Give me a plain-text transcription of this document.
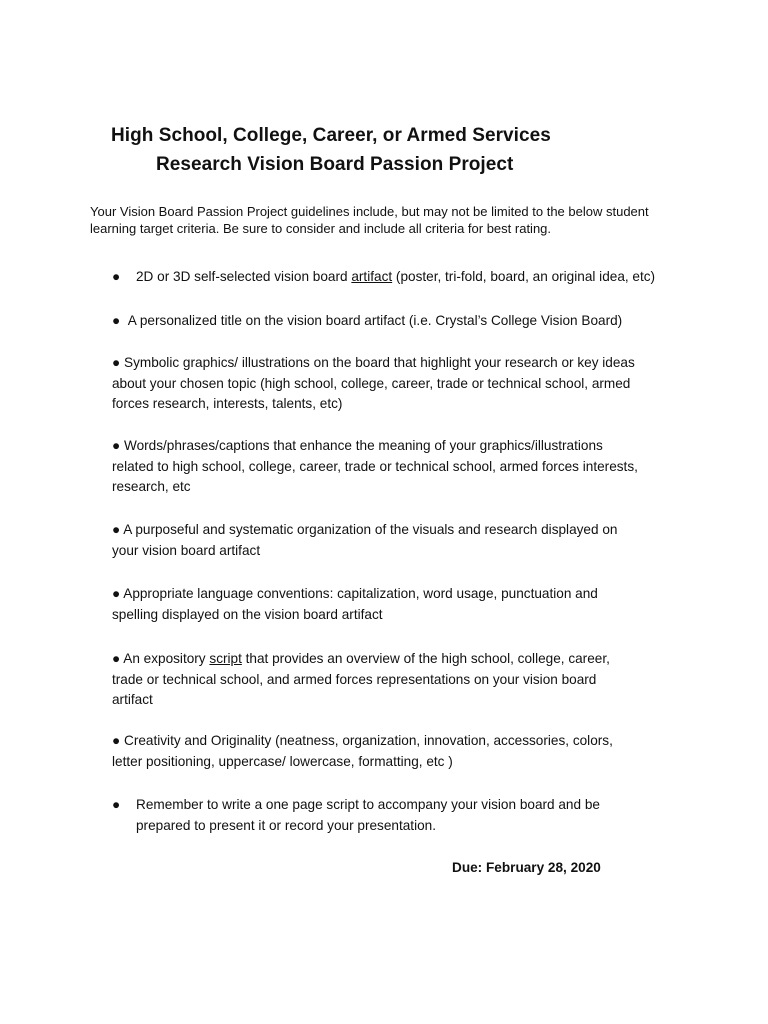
High School, College, Career, or Armed Services
Research Vision Board Passion Project
Your Vision Board Passion Project guidelines include, but may not be limited to the below student
learning target criteria. Be sure to consider and include all criteria for best rating.
● 2D or 3D self-selected vision board artifact (poster, tri-fold, board, an original idea, etc)
● A personalized title on the vision board artifact (i.e. Crystal’s College Vision Board)
● Symbolic graphics/ illustrations on the board that highlight your research or key ideas
about your chosen topic (high school, college, career, trade or technical school, armed
forces research, interests, talents, etc)
● Words/phrases/captions that enhance the meaning of your graphics/illustrations
related to high school, college, career, trade or technical school, armed forces interests,
research, etc
● A purposeful and systematic organization of the visuals and research displayed on
your vision board artifact
● Appropriate language conventions: capitalization, word usage, punctuation and
spelling displayed on the vision board artifact
● An expository script that provides an overview of the high school, college, career,
trade or technical school, and armed forces representations on your vision board
artifact
● Creativity and Originality (neatness, organization, innovation, accessories, colors,
letter positioning, uppercase/ lowercase, formatting, etc )
● Remember to write a one page script to accompany your vision board and be
prepared to present it or record your presentation.
Due: February 28, 2020
